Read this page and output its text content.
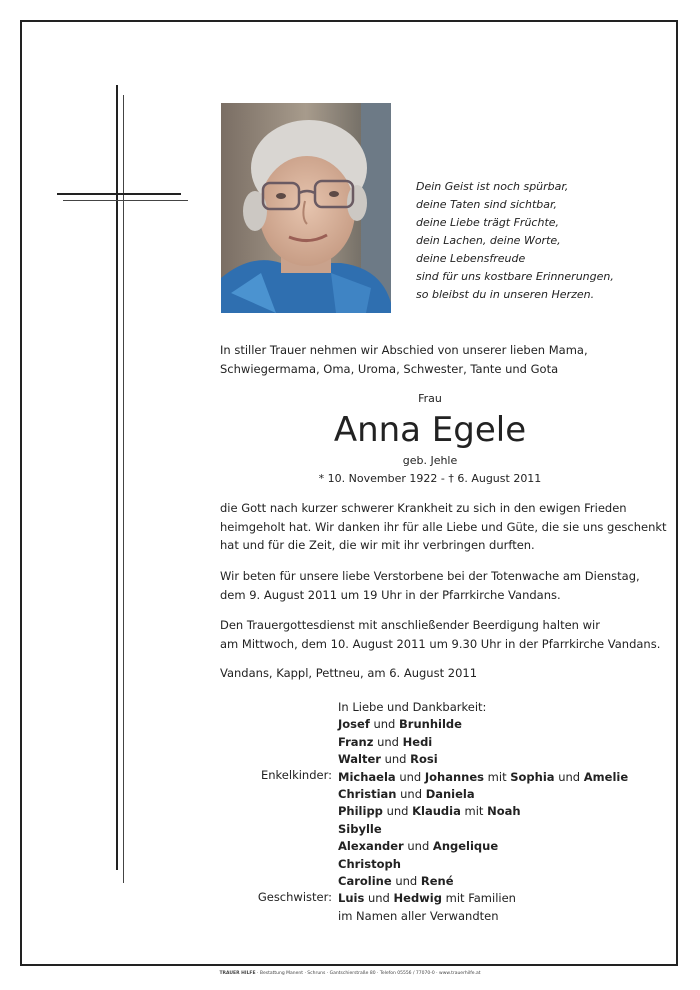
Dein Geist ist noch spürbar,
deine Taten sind sichtbar,
deine Liebe trägt Früchte,
dein Lachen, deine Worte,
deine Lebensfreude
sind für uns kostbare Erinnerungen,
so bleibst du in unseren Herzen.
In stiller Trauer nehmen wir Abschied von unserer lieben Mama,
Schwiegermama, Oma, Uroma, Schwester, Tante und Gota
Frau
Anna Egele
geb. Jehle
* 10. November 1922 - † 6. August 2011
die Gott nach kurzer schwerer Krankheit zu sich in den ewigen Frieden
heimgeholt hat. Wir danken ihr für alle Liebe und Güte, die sie uns geschenkt
hat und für die Zeit, die wir mit ihr verbringen durften.
Wir beten für unsere liebe Verstorbene bei der Totenwache am Dienstag,
dem 9. August 2011 um 19 Uhr in der Pfarrkirche Vandans.
Den Trauergottesdienst mit anschließender Beerdigung halten wir
am Mittwoch, dem 10. August 2011 um 9.30 Uhr in der Pfarrkirche Vandans.
Vandans, Kappl, Pettneu, am 6. August 2011
In Liebe und Dankbarkeit:
Josef und Brunhilde
Franz und Hedi
Walter und Rosi
Michaela und Johannes mit Sophia und Amelie
Christian und Daniela
Philipp und Klaudia mit Noah
Sibylle
Alexander und Angelique
Christoph
Caroline und René
Luis und Hedwig mit Familien
im Namen aller Verwandten
Enkelkinder:
Geschwister:
TRAUER HILFE · Bestattung Manent · Schruns · Gantschierstraße 80 · Telefon 05556 / 77070-0 · www.trauerhilfe.at
